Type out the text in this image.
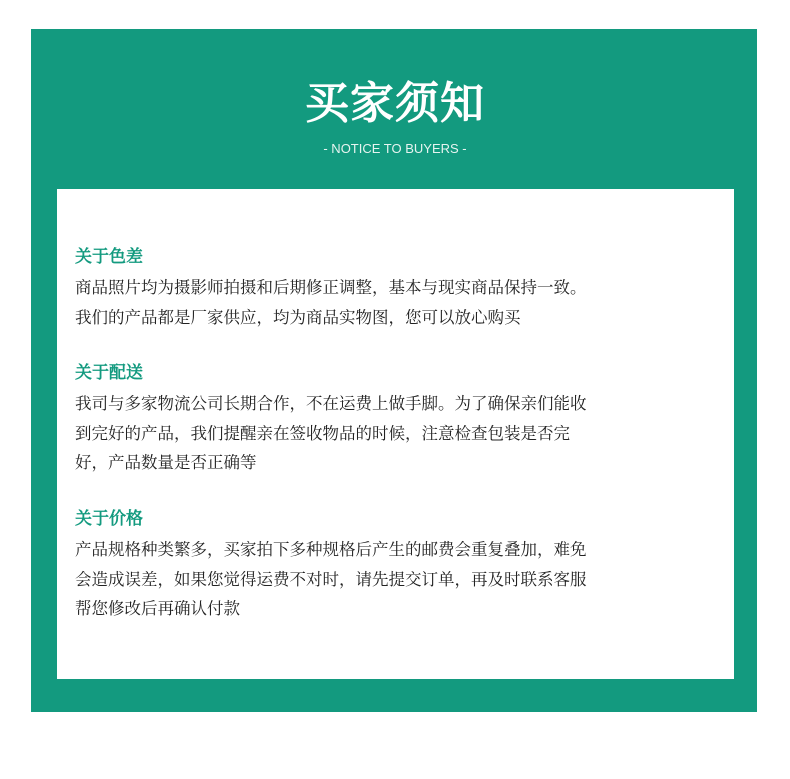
买家须知
- NOTICE TO BUYERS -
关于色差

商品照片均为摄影师拍摄和后期修正调整，基本与现实商品保持一致。

我们的产品都是厂家供应，均为商品实物图，您可以放心购买

关于配送

我司与多家物流公司长期合作，不在运费上做手脚。为了确保亲们能收

到完好的产品，我们提醒亲在签收物品的时候，注意检查包装是否完

好，产品数量是否正确等

关于价格

产品规格种类繁多，买家拍下多种规格后产生的邮费会重复叠加，难免

会造成误差，如果您觉得运费不对时，请先提交订单，再及时联系客服

帮您修改后再确认付款
